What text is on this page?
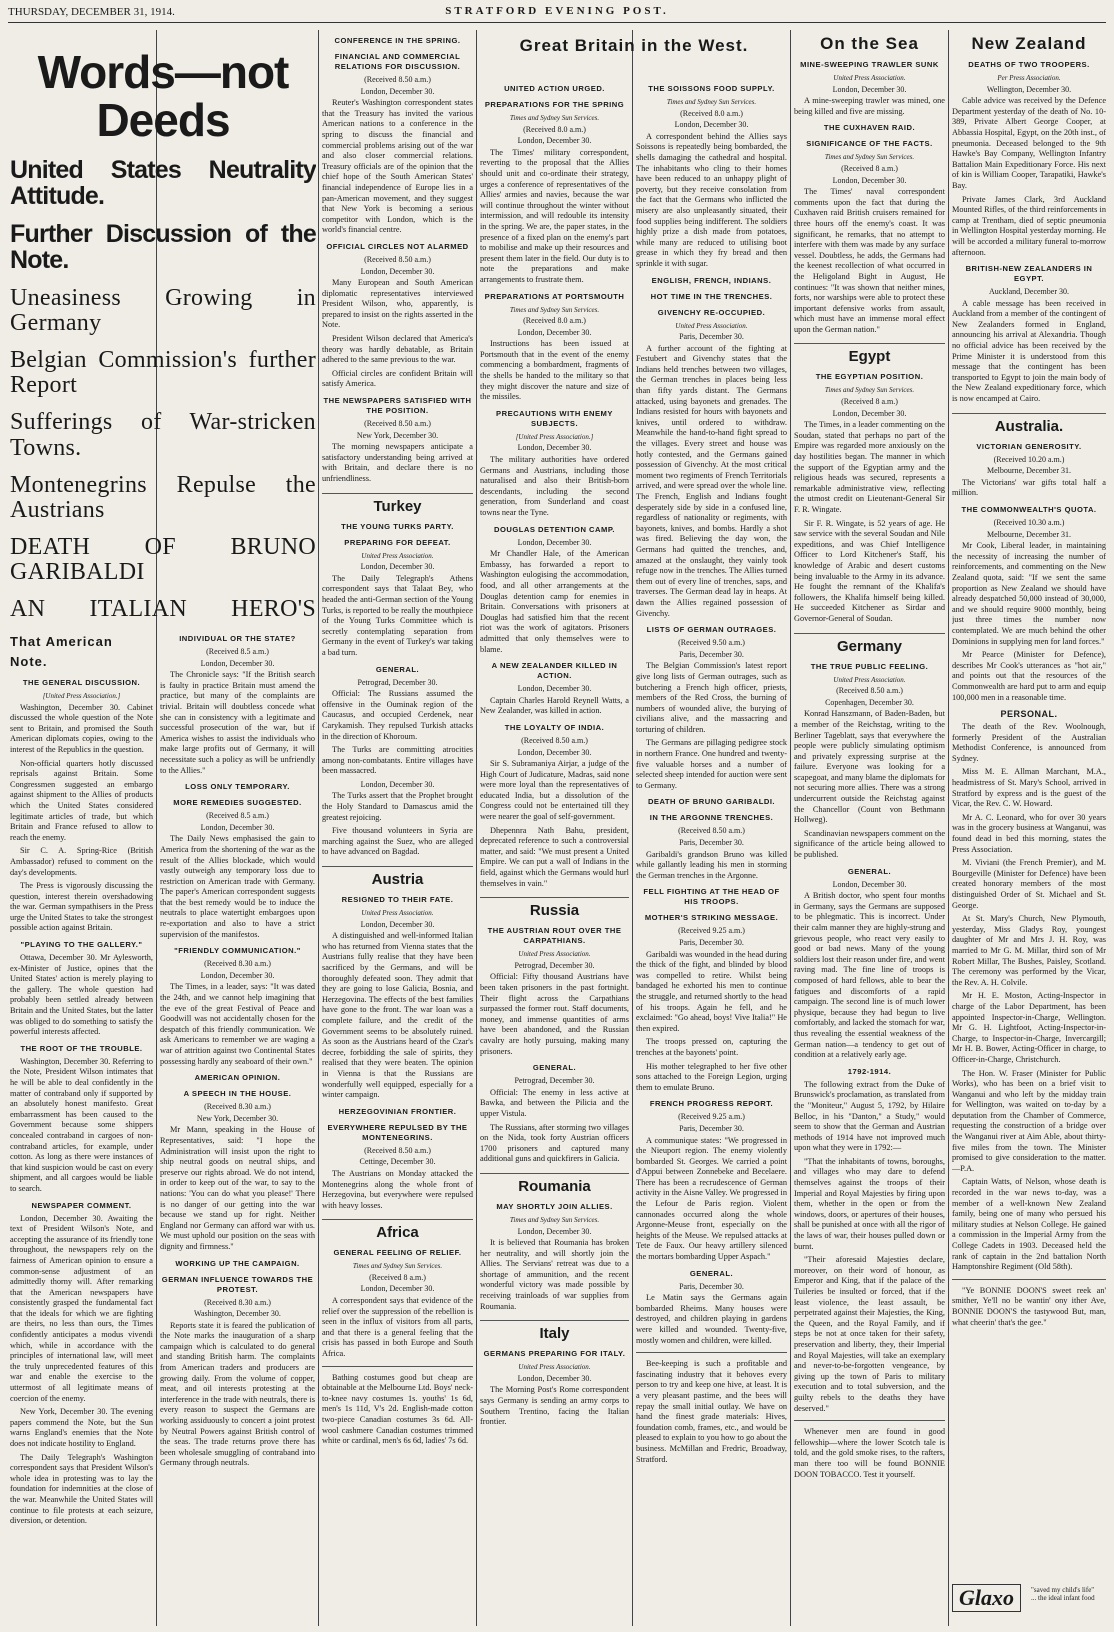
THURSDAY, DECEMBER 31, 1914.	STRATFORD EVENING POST.
Words—not Deeds
United States Neutrality Attitude.
Further Discussion of the Note.
Uneasiness Growing in Germany
Belgian Commission's further Report
Sufferings of War-stricken Towns.
Montenegrins Repulse the Austrians
DEATH OF BRUNO GARIBALDI
AN ITALIAN HERO'S
That American Note.
THE GENERAL DISCUSSION.
[United Press Association.]

Washington, December 30. Cabinet discussed the whole question of the Note sent to Britain, and promised the South American diplomats copies, owing to the interest of the Republics in the question.

Non-official quarters hotly discussed reprisals against Britain. Some Congressmen suggested an embargo against shipment to the Allies of products which the United States considered legitimate articles of trade, but which Britain and France refused to allow to reach the enemy.

Sir C. A. Spring-Rice (British Ambassador) refused to comment on the day's developments.

The Press is vigorously discussing the question, interest therein overshadowing the war. German sympathisers in the Press urge the United States to take the strongest possible action against Britain.

"PLAYING TO THE GALLERY."

Ottawa, December 30. Mr Aylesworth, ex-Minister of Justice, opines that the United States' action is merely playing to the gallery. The whole question had probably been settled already between Britain and the United States, but the latter was obliged to do something to satisfy the powerful interests affected.

THE ROOT OF THE TROUBLE.

Washington, December 30. Referring to the Note, President Wilson intimates that he will be able to deal confidently in the matter of contraband only if supported by an absolutely honest manifesto. Great embarrassment has been caused to the Government because some shippers concealed contraband in cargoes of non-contraband articles, for example, under cotton. As long as there were instances of that kind suspicion would be cast on every shipment, and all cargoes would be liable to search.

NEWSPAPER COMMENT.

London, December 30. Awaiting the text of President Wilson's Note, and accepting the assurance of its friendly tone throughout, the newspapers rely on the fairness of American opinion to ensure a common-sense adjustment of an admittedly thorny will. After remarking that the American newspapers have consistently grasped the fundamental fact that the ideals for which we are fighting are theirs, no less than ours, the Times confidently anticipates a modus vivendi which, while in accordance with the principles of international law, will meet the truly unprecedented features of this war and enable the exercise to the uttermost of all legitimate means of coercion of the enemy.

New York, December 30. The evening papers commend the Note, but the Sun warns England's enemies that the Note does not indicate hostility to England.

The Daily Telegraph's Washington correspondent says that President Wilson's whole idea in protesting was to lay the foundation for indemnities at the close of the war. Meanwhile the United States will continue to file protests at each seizure, diversion, or detention.

INDIVIDUAL OR THE STATE?
(Received 8.5 a.m.)
London, December 30.

The Chronicle says: "If the British search is faulty in practice Britain must amend the practice, but many of the complaints are trivial. Britain will doubtless concede what she can in consistency with a legitimate and successful prosecution of the war, but if America wishes to assist the individuals who make large profits out of Germany, it will necessitate such a policy as will be unfriendly to the Allies."

LOSS ONLY TEMPORARY.
MORE REMEDIES SUGGESTED.
(Received 8.5 a.m.)
London, December 30.

The Daily News emphasised the gain to America from the shortening of the war as the result of the Allies blockade, which would vastly outweigh any temporary loss due to restriction on American trade with Germany. The paper's American correspondent suggests that the best remedy would be to induce the neutrals to place watertight embargoes upon re-exportation and also to have a strict supervision of the manifestos.

"FRIENDLY COMMUNICATION."
(Received 8.30 a.m.)
London, December 30.

The Times, in a leader, says: "It was dated the 24th, and we cannot help imagining that the eve of the great Festival of Peace and Goodwill was not accidentally chosen for the despatch of this friendly communication. We ask Americans to remember we are waging a war of attrition against two Continental States possessing hardly any seaboard of their own."

AMERICAN OPINION.
A SPEECH IN THE HOUSE.
(Received 8.30 a.m.)
New York, December 30.

Mr Mann, speaking in the House of Representatives, said: "I hope the Administration will insist upon the right to ship neutral goods on neutral ships, and preserve our rights abroad. We do not intend, in order to keep out of the war, to say to the nations: 'You can do what you please!' There is no danger of our getting into the war because we stand up for right. Neither England nor Germany can afford war with us. We must uphold our position on the seas with dignity and firmness."

WORKING UP THE CAMPAIGN.
GERMAN INFLUENCE TOWARDS THE PROTEST.
(Received 8.30 a.m.)
Washington, December 30.

Reports state it is feared the publication of the Note marks the inauguration of a sharp campaign which is calculated to do general and standing British harm. The complaints from American traders and producers are growing daily. From the volume of copper, meat, and oil interests protesting at the interference in the trade with neutrals, there is every reason to suspect the Germans are working assiduously to concert a joint protest by Neutral Powers against British control of the seas. The trade returns prove there has been wholesale smuggling of contraband into Germany through neutrals.

CONFERENCE IN THE SPRING.
FINANCIAL AND COMMERCIAL RELATIONS FOR DISCUSSION.
(Received 8.50 a.m.)
London, December 30.

Reuter's Washington correspondent states that the Treasury has invited the various American nations to a conference in the spring to discuss the financial and commercial problems arising out of the war and also closer commercial relations. Treasury officials are of the opinion that the chief hope of the South American States' financial independence of Europe lies in a pan-American movement, and they suggest that New York is becoming a serious competitor with London, which is the world's financial centre.

OFFICIAL CIRCLES NOT ALARMED
(Received 8.50 a.m.)
London, December 30.

Many European and South American diplomatic representatives interviewed President Wilson, who, apparently, is prepared to insist on the rights asserted in the Note.

President Wilson declared that America's theory was hardly debatable, as Britain adhered to the same previous to the war.

Official circles are confident Britain will satisfy America.

THE NEWSPAPERS SATISFIED WITH THE POSITION.
(Received 8.50 a.m.)
New York, December 30.

The morning newspapers anticipate a satisfactory understanding being arrived at with Britain, and declare there is no unfriendliness.

Turkey
THE YOUNG TURKS PARTY.
PREPARING FOR DEFEAT.
United Press Association.
London, December 30.

The Daily Telegraph's Athens correspondent says that Talaat Bey, who headed the anti-German section of the Young Turks, is reported to be really the mouthpiece of the Young Turks Committee which is secretly contemplating separation from Germany in the event of Turkey's war taking a bad turn.

GENERAL.
Petrograd, December 30.

Official: The Russians assumed the offensive in the Ouminak region of the Caucasus, and occupied Cerdenek, near Carykamish. They repulsed Turkish attacks in the direction of Khoroum.

The Turks are committing atrocities among non-combatants. Entire villages have been massacred.

London, December 30.

The Turks assert that the Prophet brought the Holy Standard to Damascus amid the greatest rejoicing.

Five thousand volunteers in Syria are marching against the Suez, who are alleged to have advanced on Bagdad.

Austria
RESIGNED TO THEIR FATE.
United Press Association.
London, December 30.

A distinguished and well-informed Italian who has returned from Vienna states that the Austrians fully realise that they have been sacrificed by the Germans, and will be thoroughly defeated soon. They admit that they are going to lose Galicia, Bosnia, and Herzegovina. The effects of the best families have gone to the front. The war loan was a complete failure, and the credit of the Government seems to be absolutely ruined. As soon as the Austrians heard of the Czar's decree, forbidding the sale of spirits, they realised that they were beaten. The opinion in Vienna is that the Russians are wonderfully well equipped, especially for a winter campaign.

HERZEGOVINIAN FRONTIER.
EVERYWHERE REPULSED BY THE MONTENEGRINS.
(Received 8.50 a.m.)
Cettinge, December 30.

The Austrians on Monday attacked the Montenegrins along the whole front of Herzegovina, but everywhere were repulsed with heavy losses.

Africa
GENERAL FEELING OF RELIEF.
Times and Sydney Sun Services.
(Received 8 a.m.)
London, December 30.

A correspondent says that evidence of the relief over the suppression of the rebellion is seen in the influx of visitors from all parts, and that there is a general feeling that the crisis has passed in both Europe and South Africa.

Bathing costumes good but cheap are obtainable at the Melbourne Ltd. Boys' neck-to-knee navy costumes 1s. youths' 1s 6d, men's 1s 11d, V's 2d. English-made cotton two-piece Canadian costumes 3s 6d. All-wool cashmere Canadian costumes trimmed white or cardinal, men's 6s 6d, ladies' 7s 6d.

UNITED ACTION URGED.
PREPARATIONS FOR THE SPRING
Times and Sydney Sun Services.
(Received 8.0 a.m.)
London, December 30.

The Times' military correspondent, reverting to the proposal that the Allies should unit and co-ordinate their strategy, urges a conference of representatives of the Allies' armies and navies, because the war will continue throughout the winter without intermission, and will redouble its intensity in the spring. We are, the paper states, in the presence of a fixed plan on the enemy's part to mobilise and make up their resources and present them later in the field. Our duty is to note the preparations and make arrangements to frustrate them.

PREPARATIONS AT PORTSMOUTH
Times and Sydney Sun Services.
(Received 8.0 a.m.)
London, December 30.

Instructions has been issued at Portsmouth that in the event of the enemy commencing a bombardment, fragments of the shells be handed to the military so that they might discover the nature and size of the missiles.

PRECAUTIONS WITH ENEMY SUBJECTS.
[United Press Association.]
London, December 30.

The military authorities have ordered Germans and Austrians, including those naturalised and also their British-born descendants, including the second generation, from Sunderland and coast towns near the Tyne.

DOUGLAS DETENTION CAMP.
London, December 30.

Mr Chandler Hale, of the American Embassy, has forwarded a report to Washington eulogising the accommodation, food, and all other arrangements at the Douglas detention camp for enemies in Britain. Conversations with prisoners at Douglas had satisfied him that the recent riot was the work of agitators. Prisoners admitted that only themselves were to blame.

A NEW ZEALANDER KILLED IN ACTION.
London, December 30.

Captain Charles Harold Reynell Watts, a New Zealander, was killed in action.

THE LOYALTY OF INDIA.
(Received 8.50 a.m.)
London, December 30.

Sir S. Subramaniya Airjar, a judge of the High Court of Judicature, Madras, said none were more loyal than the representatives of educated India, but a dissolution of the Congress could not be entertained till they were nearer the goal of self-government.

Dhepennra Nath Bahu, president, deprecated reference to such a controversial matter, and said: "We must present a United Empire. We can put a wall of Indians in the field, against which the Germans would hurl themselves in vain."

Russia
THE AUSTRIAN ROUT OVER THE CARPATHIANS.
United Press Association.
Petrograd, December 30.

Official: Fifty thousand Austrians have been taken prisoners in the past fortnight. Their flight across the Carpathians surpassed the former rout. Staff documents, money, and immense quantities of arms have been abandoned, and the Russian cavalry are hotly pursuing, making many prisoners.

GENERAL.
Petrograd, December 30.

Official: The enemy in less active at Bawka, and between the Pilicia and the upper Vistula.

The Russians, after storming two villages on the Nida, took forty Austrian officers 1700 prisoners and captured many additional guns and quickfirers in Galicia.

Roumania
MAY SHORTLY JOIN ALLIES.
Times and Sydney Sun Services.
London, December 30.

It is believed that Roumania has broken her neutrality, and will shortly join the Allies. The Servians' retreat was due to a shortage of ammunition, and the recent wonderful victory was made possible by receiving trainloads of war supplies from Roumania.

Italy
GERMANS PREPARING FOR ITALY.
United Press Association.
London, December 30.

The Morning Post's Rome correspondent says Germany is sending an army corps to Southern Trentino, facing the Italian frontier.

Great Britain in the West.
THE SOISSONS FOOD SUPPLY.
Times and Sydney Sun Services.
(Received 8.0 a.m.)
London, December 30.

A correspondent behind the Allies says Soissons is repeatedly being bombarded, the shells damaging the cathedral and hospital. The inhabitants who cling to their homes have been reduced to an unhappy plight of poverty, but they receive consolation from the fact that the Germans who inflicted the misery are also unpleasantly situated, their food supplies being indifferent. The soldiers highly prize a dish made from potatoes, while many are reduced to utilising boot grease in which they fry bread and then sprinkle it with sugar.

ENGLISH, FRENCH, INDIANS.
HOT TIME IN THE TRENCHES.
GIVENCHY RE-OCCUPIED.
United Press Association.
Paris, December 30.

A further account of the fighting at Festubert and Givenchy states that the Indians held trenches between two villages, the German trenches in places being less than fifty yards distant. The Germans attacked, using bayonets and grenades. The Indians resisted for hours with bayonets and knives, until ordered to withdraw. Meanwhile the hand-to-hand fight spread to the villages. Every street and house was hotly contested, and the Germans gained possession of Givenchy. At the most critical moment two regiments of French Territorials arrived, and were spread over the whole line. The French, English and Indians fought desperately side by side in a confused line, regardless of nationality or regiments, with bayonets, knives, and bombs. Hardly a shot was fired. Believing the day won, the Germans had quitted the trenches, and, amazed at the onslaught, they vainly took refuge now in the trenches. The Allies turned them out of every line of trenches, saps, and traverses. The German dead lay in heaps. At dawn the Allies regained possession of Givenchy.

LISTS OF GERMAN OUTRAGES.
(Received 9.50 a.m.)
Paris, December 30.

The Belgian Commission's latest report give long lists of German outrages, such as butchering a French high officer, priests, members of the Red Cross, the burning of numbers of wounded alive, the burying of civilians alive, and the massacring and torturing of children.

The Germans are pillaging pedigree stock in northern France. One hundred and twenty-five valuable horses and a number of selected sheep intended for auction were sent to Germany.

DEATH OF BRUNO GARIBALDI.
IN THE ARGONNE TRENCHES.
(Received 8.50 a.m.)
Paris, December 30.

Garibaldi's grandson Bruno was killed while gallantly leading his men in storming the German trenches in the Argonne.

FELL FIGHTING AT THE HEAD OF HIS TROOPS.
MOTHER'S STRIKING MESSAGE.
(Received 9.25 a.m.)
Paris, December 30.

Garibaldi was wounded in the head during the thick of the fight, and blinded by blood was compelled to retire. Whilst being bandaged he exhorted his men to continue the struggle, and returned shortly to the head of his troops. Again he fell, and he exclaimed: "Go ahead, boys! Vive Italia!" He then expired.

The troops pressed on, capturing the trenches at the bayonets' point.

His mother telegraphed to her five other sons attached to the Foreign Legion, urging them to emulate Bruno.

FRENCH PROGRESS REPORT.
(Received 9.25 a.m.)
Paris, December 30.

A communique states: "We progressed in the Nieuport region. The enemy violently bombarded St. Georges. We carried a point d'Appui between Zonnebeke and Becelaere. There has been a recrudescence of German activity in the Aisne Valley. We progressed in the Lefour de Paris region. Violent cannonades occurred along the whole Argonne-Meuse front, especially on the heights of the Meuse. We repulsed attacks at Tete de Faux. Our heavy artillery silenced the mortars bombarding Upper Aspach."

GENERAL.
Paris, December 30.

Le Matin says the Germans again bombarded Rheims. Many houses were destroyed, and children playing in gardens were killed and wounded. Twenty-five, mostly women and children, were killed.

Bee-keeping is such a profitable and fascinating industry that it behoves every person to try and keep one hive, at least. It is a very pleasant pastime, and the bees will repay the small initial outlay. We have on hand the finest grade materials: Hives, foundation comb, frames, etc., and would be pleased to explain to you how to go about the business. McMillan and Fredric, Broadway, Stratford.

On the Sea
MINE-SWEEPING TRAWLER SUNK
United Press Association.
London, December 30.

A mine-sweeping trawler was mined, one being killed and five are missing.

THE CUXHAVEN RAID.
SIGNIFICANCE OF THE FACTS.
Times and Sydney Sun Services.
(Received 8 a.m.)
London, December 30.

The Times' naval correspondent comments upon the fact that during the Cuxhaven raid British cruisers remained for three hours off the enemy's coast. It was significant, he remarks, that no attempt to interfere with them was made by any surface vessel. Doubtless, he adds, the Germans had the keenest recollection of what occurred in the Heligoland Bight in August, He continues: "It was shown that neither mines, forts, nor warships were able to protect these important defensive works from assault, which must have an immense moral effect upon the German nation."

Egypt
THE EGYPTIAN POSITION.
Times and Sydney Sun Services.
(Received 8 a.m.)
London, December 30.

The Times, in a leader commenting on the Soudan, stated that perhaps no part of the Empire was regarded more anxiously on the day hostilities began. The manner in which the support of the Egyptian army and the religious heads was secured, represents a remarkable administrative view, reflecting the utmost credit on Lieutenant-General Sir F. R. Wingate.

Sir F. R. Wingate, is 52 years of age. He saw service with the several Soudan and Nile expeditions, and was Chief Intelligence Officer to Lord Kitchener's Staff, his knowledge of Arabic and desert customs being invaluable to the Army in its advance. He fought the remnant of the Khalifa's followers, the Khalifa himself being killed. He succeeded Kitchener as Sirdar and Governor-General of Soudan.

Germany
THE TRUE PUBLIC FEELING.
United Press Association.
(Received 8.50 a.m.)
Copenhagen, December 30.

Konrad Hanszmann, of Baden-Baden, but a member of the Reichstag, writing to the Berliner Tageblatt, says that everywhere the people were publicly simulating optimism and privately expressing surprise at the failure. Everyone was looking for a scapegoat, and many blame the diplomats for not securing more allies. There was a strong undercurrent outside the Reichstag against the Chancellor (Count von Bethmann Hollweg).

Scandinavian newspapers comment on the significance of the article being allowed to be published.

GENERAL.
London, December 30.

A British doctor, who spent four months in Germany, says the Germans are supposed to be phlegmatic. This is incorrect. Under their calm manner they are highly-strung and grievous people, who react very easily to good or bad news. Many of the young soldiers lost their reason under fire, and went raving mad. The fine line of troops is composed of hard fellows, able to bear the fatigues and discomforts of a rapid campaign. The second line is of much lower physique, because they had begun to live comfortably, and lacked the stomach for war, thus revealing the essential weakness of the German nation—a tendency to get out of condition at a relatively early age.

1792-1914.

The following extract from the Duke of Brunswick's proclamation, as translated from the "Moniteur," August 5, 1792, by Hilaire Belloc, in his "Danton," a Study," would seem to show that the German and Austrian methods of 1914 have not improved much upon what they were in 1792:—

"That the inhabitants of towns, boroughs, and villages who may dare to defend themselves against the troops of their Imperial and Royal Majesties by firing upon them, whether in the open or from the windows, doors, or apertures of their houses, shall be punished at once with all the rigor of the laws of war, their houses pulled down or burnt.

"Their aforesaid Majesties declare, moreover, on their word of honour, as Emperor and King, that if the palace of the Tuileries be insulted or forced, that if the least violence, the least assault, be perpetrated against their Majesties, the King, the Queen, and the Royal Family, and if steps be not at once taken for their safety, preservation and liberty, they, their Imperial and Royal Majesties, will take an exemplary and never-to-be-forgotten vengeance, by giving up the town of Paris to military execution and to total subversion, and the guilty rebels to the deaths they have deserved."

Whenever men are found in good fellowship—where the lower Scotch tale is told, and the gold smoke rises, to the rafters, man there too will be found BONNIE DOON TOBACCO. Test it yourself.

New Zealand
DEATHS OF TWO TROOPERS.
Per Press Association.
Wellington, December 30.

Cable advice was received by the Defence Department yesterday of the death of No. 10-389, Private Albert George Cooper, at Abbassia Hospital, Egypt, on the 20th inst., of pneumonia. Deceased belonged to the 9th Hawke's Bay Company, Wellington Infantry Battalion Main Expeditionary Force. His next of kin is William Cooper, Tarapatiki, Hawke's Bay.

Private James Clark, 3rd Auckland Mounted Rifles, of the third reinforcements in camp at Trentham, died of septic pneumonia in Wellington Hospital yesterday morning. He will be accorded a military funeral to-morrow afternoon.

BRITISH-NEW ZEALANDERS IN EGYPT.
Auckland, December 30.

A cable message has been received in Auckland from a member of the contingent of New Zealanders formed in England, announcing his arrival at Alexandria. Though no official advice has been received by the Prime Minister it is understood from this message that the contingent has been transported to Egypt to join the main body of the New Zealand expeditionary force, which is now encamped at Cairo.

Australia.
VICTORIAN GENEROSITY.
(Received 10.20 a.m.)
Melbourne, December 31.

The Victorians' war gifts total half a million.

THE COMMONWEALTH'S QUOTA.
(Received 10.30 a.m.)
Melbourne, December 31.

Mr Cook, Liberal leader, in maintaining the necessity of increasing the number of reinforcements, and commenting on the New Zealand quota, said: "If we sent the same proportion as New Zealand we should have already despatched 50,000 instead of 30,000, and we should require 9000 monthly, being just three times the number now contemplated. We are much behind the other Dominions in supplying men for land forces."

Mr Pearce (Minister for Defence), describes Mr Cook's utterances as "hot air," and points out that the resources of the Commonwealth are hard put to arm and equip 100,000 men in a reasonable time.

PERSONAL.

The death of the Rev. Woolnough, formerly President of the Australian Methodist Conference, is announced from Sydney.

Miss M. E. Allman Marchant, M.A., headmistress of St. Mary's School, arrived in Stratford by express and is the guest of the Vicar, the Rev. C. W. Howard.

Mr A. C. Leonard, who for over 30 years was in the grocery business at Wanganui, was found dead in bed this morning, states the Press Association.

M. Viviani (the French Premier), and M. Bourgeville (Minister for Defence) have been created honorary members of the most distinguished Order of St. Michael and St. George.

At St. Mary's Church, New Plymouth, yesterday, Miss Gladys Roy, youngest daughter of Mr and Mrs J. H. Roy, was married to Mr G. M. Millar, third son of Mr Robert Millar, The Bushes, Paisley, Scotland. The ceremony was performed by the Vicar, the Rev. A. H. Colvile.

Mr H. E. Moston, Acting-Inspector in charge of the Labor Department, has been appointed Inspector-in-Charge, Wellington. Mr G. H. Lightfoot, Acting-Inspector-in-Charge, to Inspector-in-Charge, Invercargill; Mr H. B. Bower, Acting-Officer in charge, to Officer-in-Charge, Christchurch.

The Hon. W. Fraser (Minister for Public Works), who has been on a brief visit to Wanganui and who left by the midday train for Wellington, was waited on to-day by a deputation from the Chamber of Commerce, requesting the construction of a bridge over the Wanganui river at Aim Able, about thirty-five miles from the town. The Minister promised to give consideration to the matter.—P.A.

Captain Watts, of Nelson, whose death is recorded in the war news to-day, was a member of a well-known New Zealand family, being one of many who persued his military studies at Nelson College. He gained a commission in the Imperial Army from the College Cadets in 1903. Deceased held the rank of captain in the 2nd battalion North Hamptonshire Regiment (Old 58th).

"Ye BONNIE DOON'S sweet reek an' smither, Ye'll no be wantin' ony ither Ave, BONNIE DOON'S the tastywood But, man, what cheerin' that's the gee."

Glaxo "saved my child's life" ... the ideal infant food
